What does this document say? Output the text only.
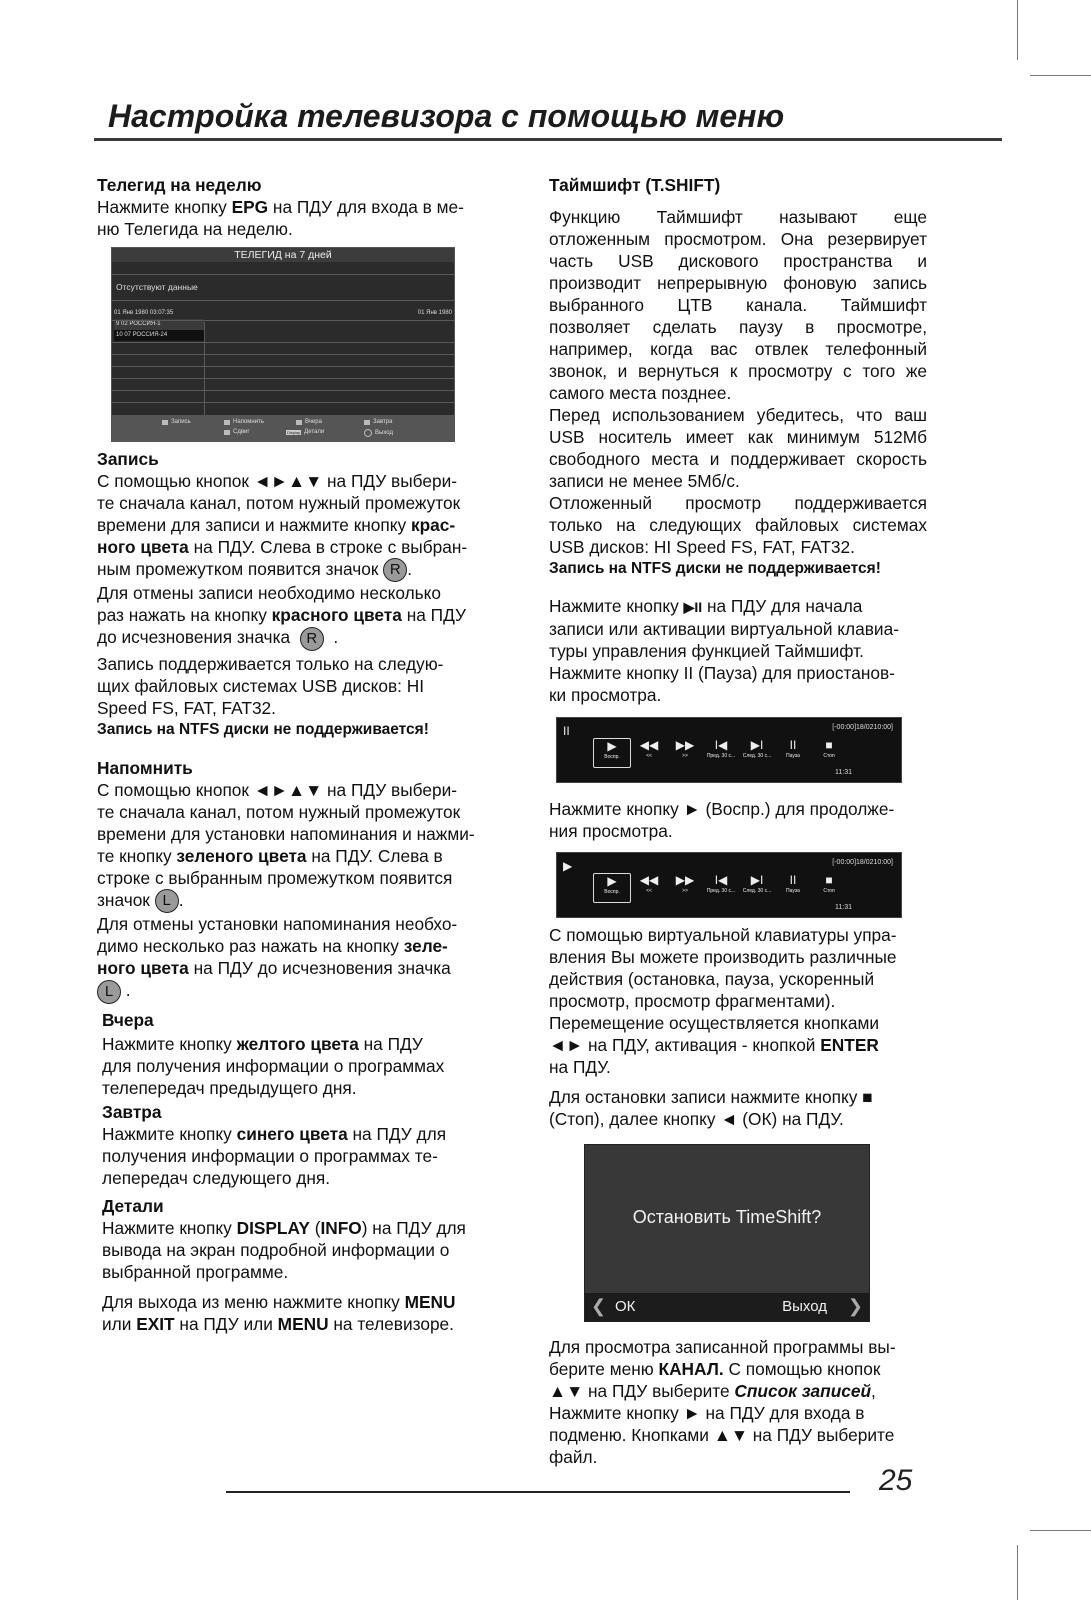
Настройка телевизора с помощью меню

Телегид на неделю

Нажмите кнопку EPG на ПДУ для входа в ме-
ню Телегида на неделю.

ТЕЛЕГИД на 7 дней
Отсутствуют данные
01 Янв 1980 03:07:35	01 Янв 1980
9 02 РОССИЯ-1
10 07 РОССИЯ-24
Запись	Напомнить	Вчера	Завтра
Сдвиг	Display Детали	Выход

Запись

С помощью кнопок ◄►▲▼ на ПДУ выбери-

те сначала канал, потом нужный промежуток

времени для записи и нажмите кнопку крас-

ного цвета на ПДУ. Слева в строке с выбран-

ным промежутком появится значок R .

Для отмены записи необходимо несколько

раз нажать на кнопку красного цвета на ПДУ

до исчезновения значка R  .

Запись поддерживается только на следую-

щих файловых системах USB дисков: HI

Speed FS, FAT, FAT32.

Запись на NTFS диски не поддерживается!

Напомнить

С помощью кнопок ◄►▲▼ на ПДУ выбери-

те сначала канал, потом нужный промежуток

времени для установки напоминания и нажми-

те кнопку зеленого цвета на ПДУ. Слева в

строке с выбранным промежутком появится

значок L .

Для отмены установки напоминания необхо-

димо несколько раз нажать на кнопку зеле-

ного цвета на ПДУ до исчезновения значка

L .

Вчера

Нажмите кнопку желтого цвета на ПДУ

для получения информации о программах

телепередач предыдущего дня.

Завтра

Нажмите кнопку синего цвета на ПДУ для

получения информации о программах те-

лепередач следующего дня.

Детали

Нажмите кнопку DISPLAY (INFO) на ПДУ для

вывода на экран подробной информации о

выбранной программе.

Для выхода из меню нажмите кнопку MENU

или EXIT на ПДУ или MENU на телевизоре.

Таймшифт (T.SHIFT)

Функцию Таймшифт называют еще

отложенным просмотром. Она резервирует

часть USB дискового пространства и

производит непрерывную фоновую запись

выбранного ЦТВ канала. Таймшифт

позволяет сделать паузу в просмотре,

например, когда вас отвлек телефонный

звонок, и вернуться к просмотру с того же

самого места позднее.

Перед использованием убедитесь, что ваш

USB носитель имеет как минимум 512Мб

свободного места и поддерживает скорость

записи не менее 5Мб/с.

Отложенный просмотр поддерживается

только на следующих файловых системах

USB дисков: HI Speed FS, FAT, FAT32.

Запись на NTFS диски не поддерживается!

Нажмите кнопку ▶II на ПДУ для начала

записи или активации виртуальной клавиа-

туры управления функцией Таймшифт.

Нажмите кнопку II (Пауза) для приостанов-

ки просмотра.

II	[-00:00]18/0210:00]
▶
Воспр.
◀◀
<<
▶▶
>>
I◀
Пред. 30 с...
▶I
След. 30 с...
II
Пауза
■
Стоп
11:31

Нажмите кнопку ► (Воспр.) для продолже-

ния просмотра.

▶	[-00:00]18/0210:00]
▶
Воспр.
◀◀
<<
▶▶
>>
I◀
Пред. 30 с...
▶I
След. 30 с...
II
Пауза
■
Стоп
11:31

С помощью виртуальной клавиатуры упра-

вления Вы можете производить различные

действия (остановка, пауза, ускоренный

просмотр, просмотр фрагментами).

Перемещение осуществляется кнопками

◄► на ПДУ, активация - кнопкой ENTER

на ПДУ.

Для остановки записи нажмите кнопку ■

(Стоп), далее кнопку ◄ (ОК) на ПДУ.

Остановить TimeShift?
❮ ОК	Выход ❯

Для просмотра записанной программы вы-

берите меню КАНАЛ. С помощью кнопок

▲▼ на ПДУ выберите Список записей,

Нажмите кнопку ► на ПДУ для входа в

подменю. Кнопками ▲▼ на ПДУ выберите

файл.

25
